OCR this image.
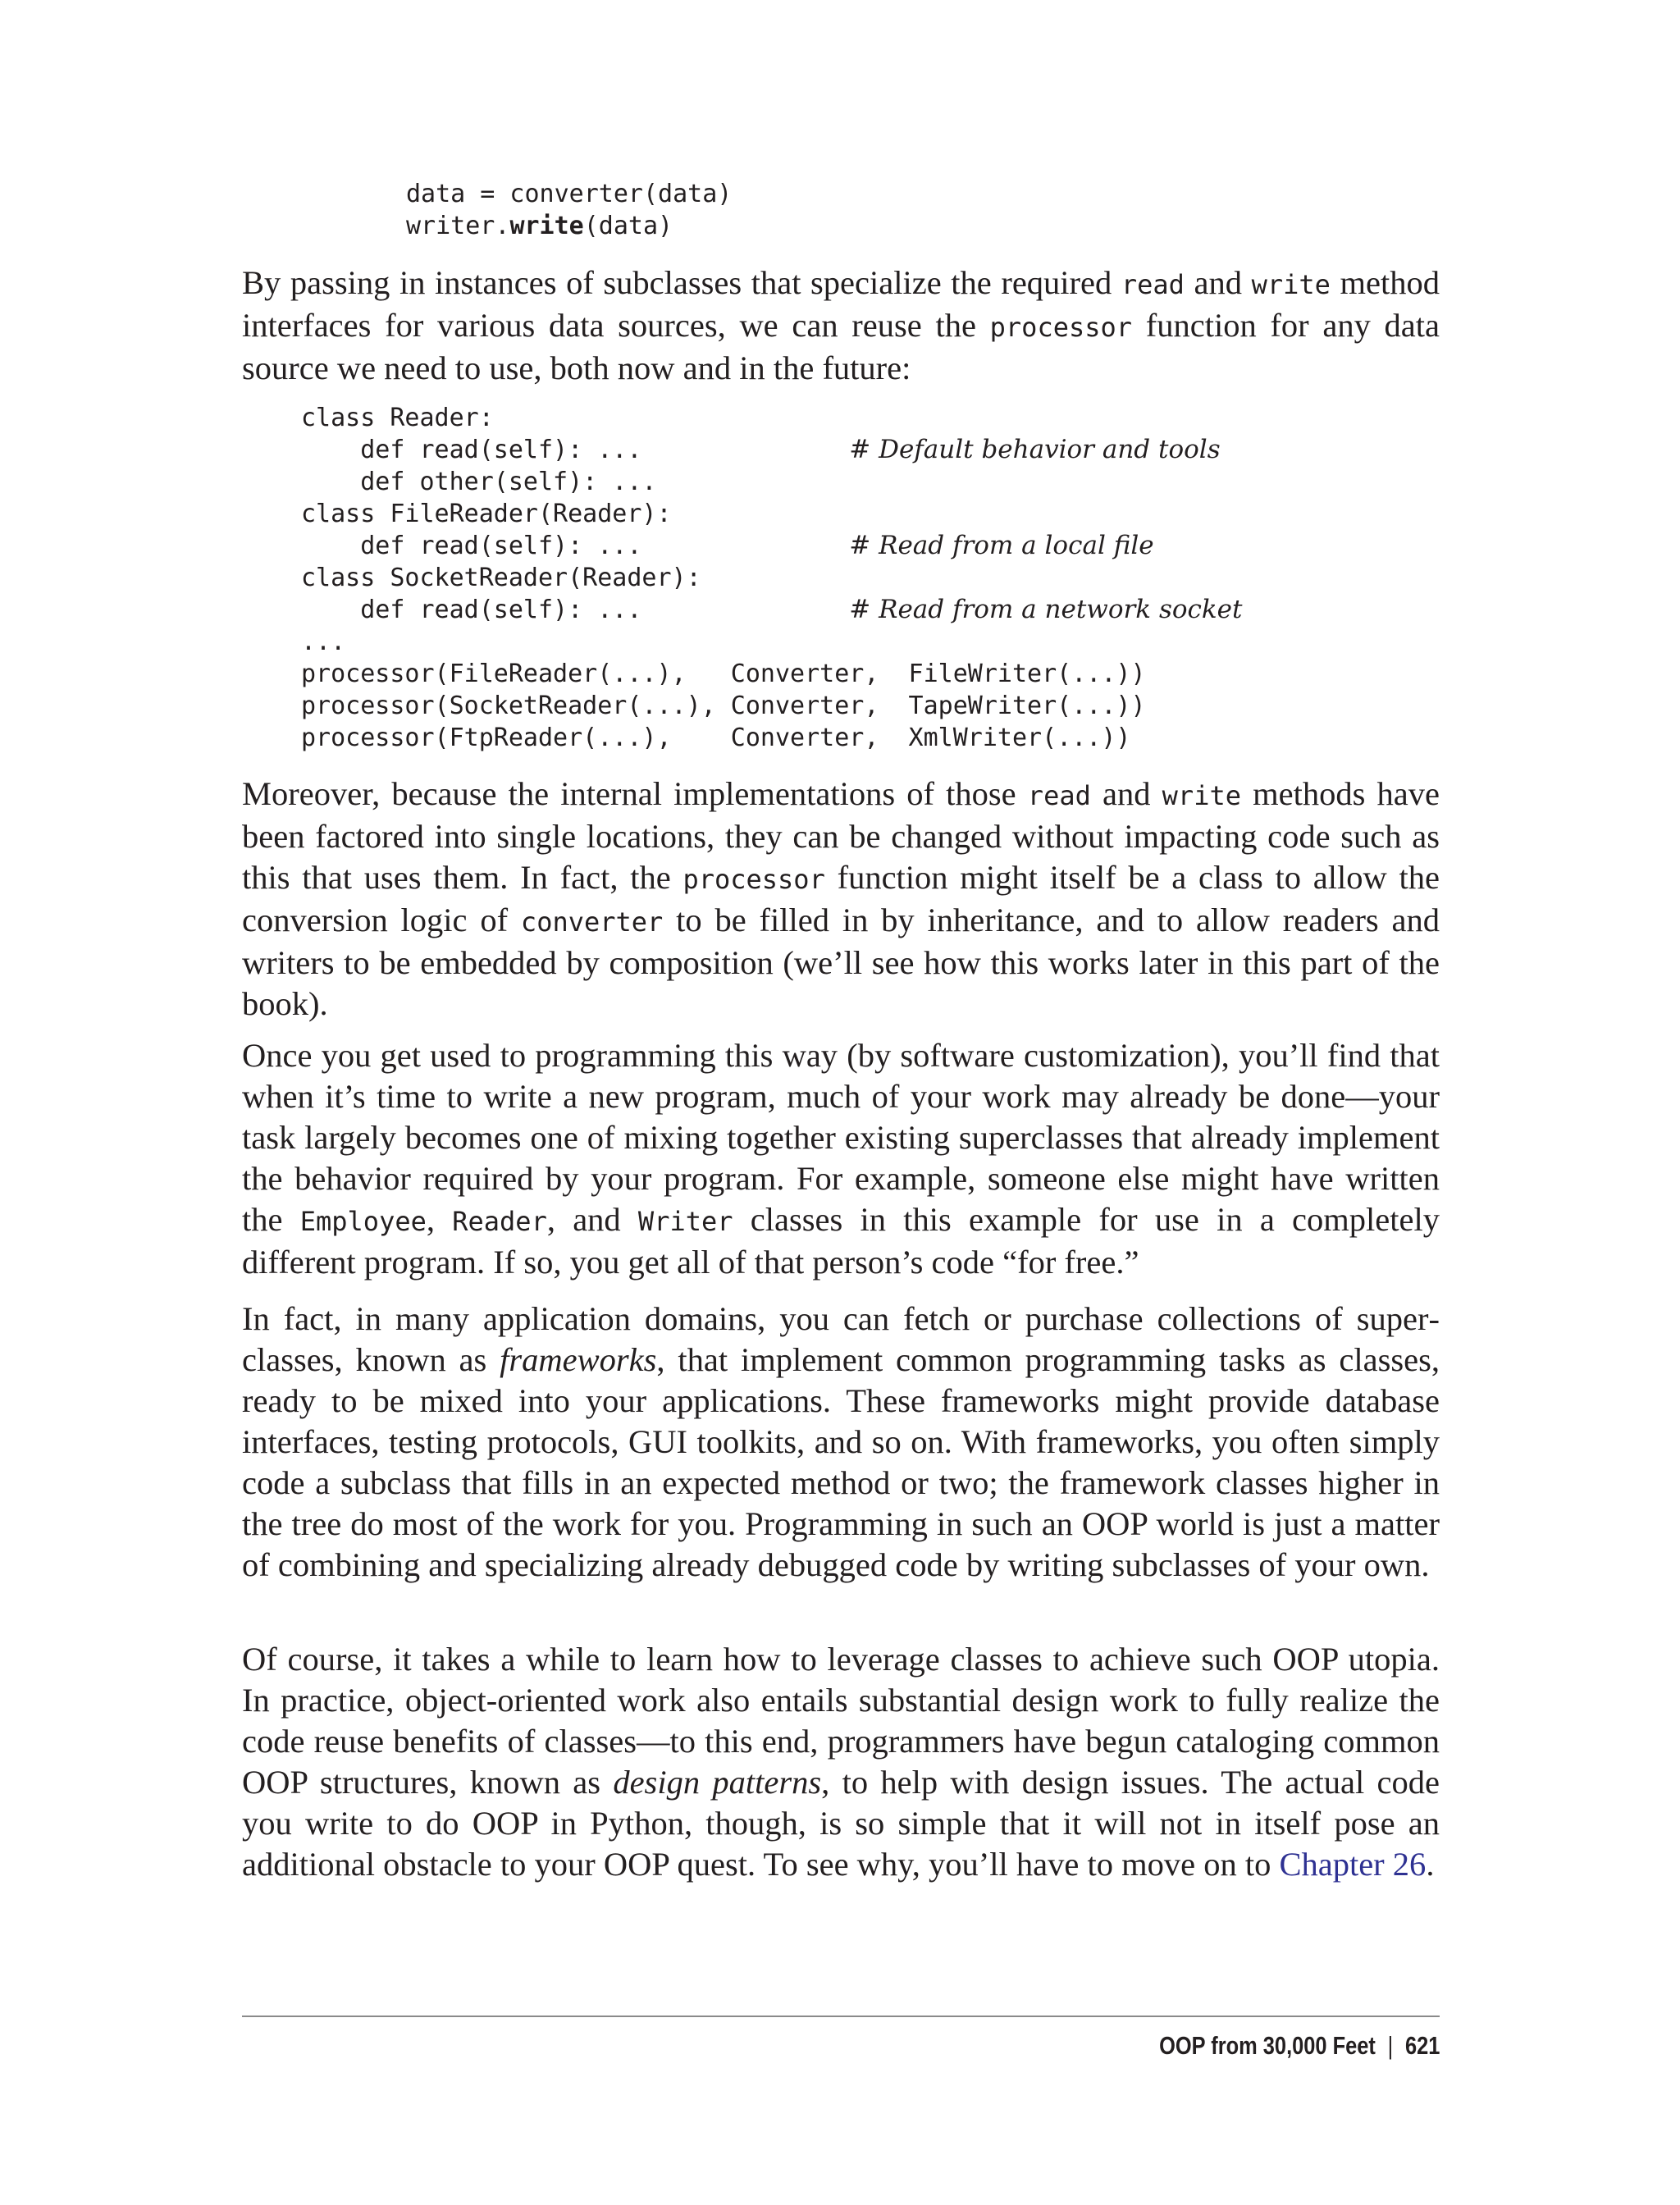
data = converter(data)
writer.write(data)

By passing in instances of subclasses that specialize the required read and write method interfaces for various data sources, we can reuse the processor function for any data source we need to use, both now and in the future:

class Reader:
def read(self): ...              # Default behavior and tools
def other(self): ...
class FileReader(Reader):
def read(self): ...              # Read from a local file
class SocketReader(Reader):
def read(self): ...              # Read from a network socket
...
processor(FileReader(...),   Converter,  FileWriter(...))
processor(SocketReader(...), Converter,  TapeWriter(...))
processor(FtpReader(...),    Converter,  XmlWriter(...))

Moreover, because the internal implementations of those read and write methods have been factored into single locations, they can be changed without impacting code such as this that uses them. In fact, the processor function might itself be a class to allow the conversion logic of converter to be filled in by inheritance, and to allow readers and writers to be embedded by composition (we’ll see how this works later in this part of the book).

Once you get used to programming this way (by software customization), you’ll find that when it’s time to write a new program, much of your work may already be done—your task largely becomes one of mixing together existing superclasses that already implement the behavior required by your program. For example, someone else might have written the Employee, Reader, and Writer classes in this example for use in a completely different program. If so, you get all of that person’s code “for free.”

In fact, in many application domains, you can fetch or purchase collections of superclasses, known as frameworks, that implement common programming tasks as classes, ready to be mixed into your applications. These frameworks might provide database interfaces, testing protocols, GUI toolkits, and so on. With frameworks, you often simply code a subclass that fills in an expected method or two; the framework classes higher in the tree do most of the work for you. Programming in such an OOP world is just a matter of combining and specializing already debugged code by writing subclasses of your own.

Of course, it takes a while to learn how to leverage classes to achieve such OOP utopia. In practice, object-oriented work also entails substantial design work to fully realize the code reuse benefits of classes—to this end, programmers have begun cataloging common OOP structures, known as design patterns, to help with design issues. The actual code you write to do OOP in Python, though, is so simple that it will not in itself pose an additional obstacle to your OOP quest. To see why, you’ll have to move on to Chapter 26.

OOP from 30,000 Feet | 621
